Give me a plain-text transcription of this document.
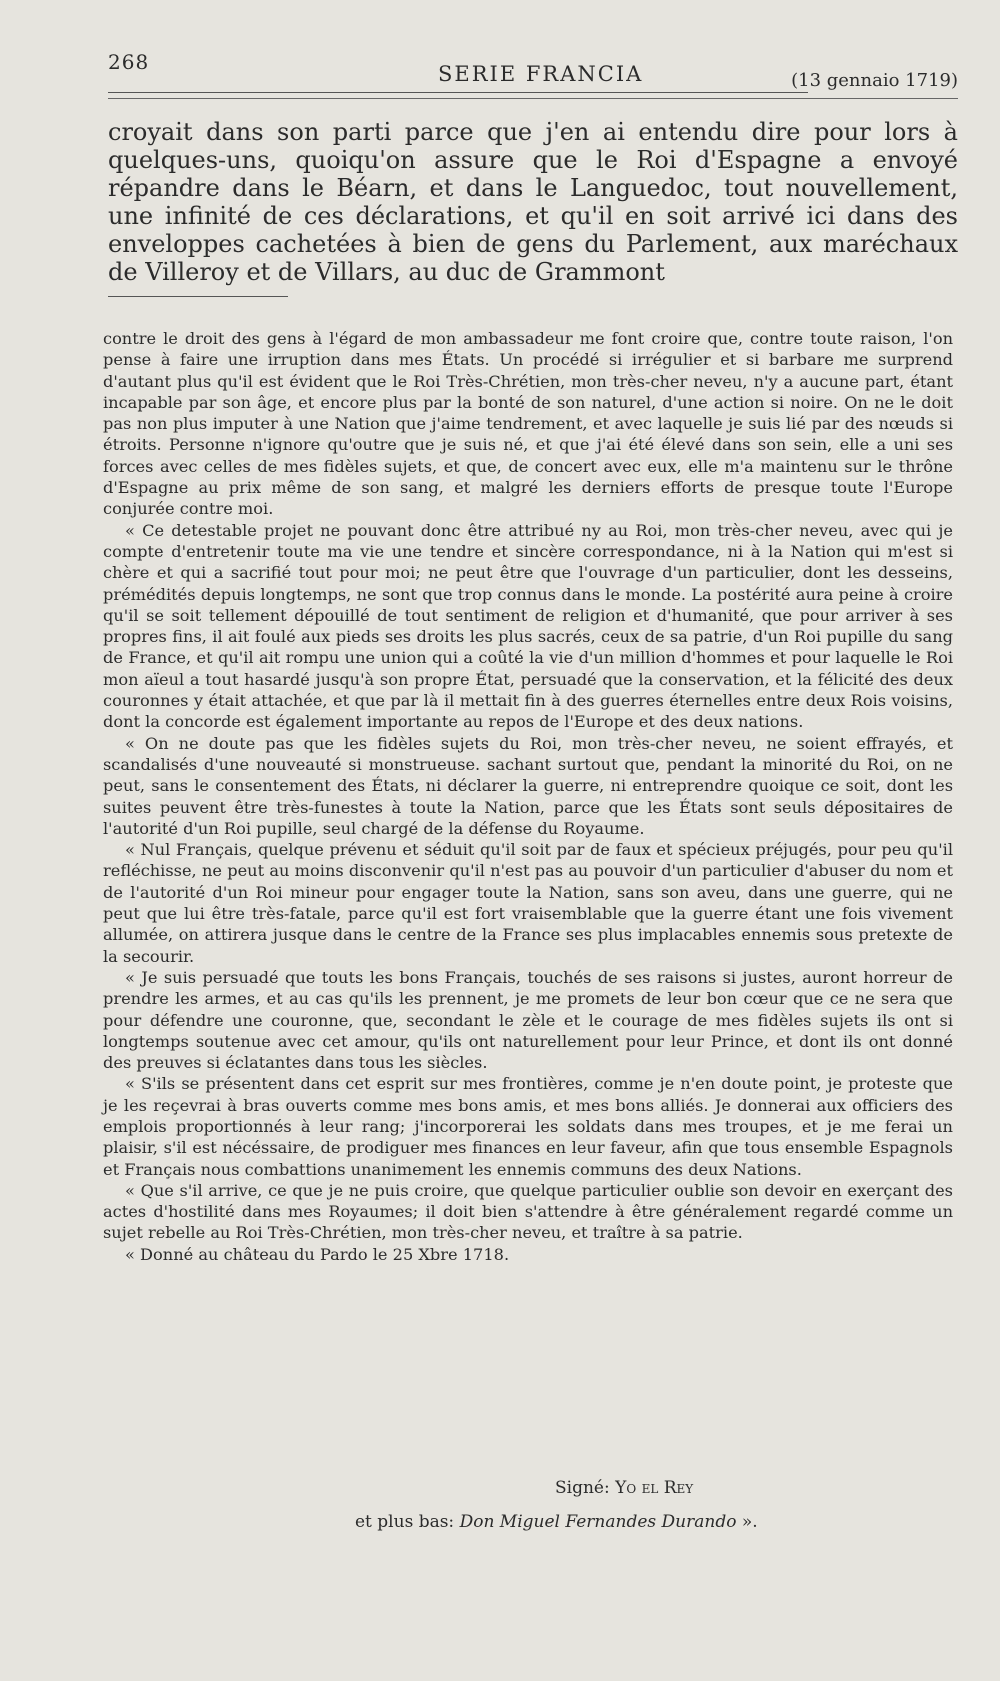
268	SERIE FRANCIA	(13 gennaio 1719)

croyait dans son parti parce que j'en ai entendu dire pour lors à quelques-uns, quoiqu'on assure que le Roi d'Espagne a envoyé répandre dans le Béarn, et dans le Languedoc, tout nouvellement, une infinité de ces déclarations, et qu'il en soit arrivé ici dans des enveloppes cachetées à bien de gens du Parlement, aux maréchaux de Villeroy et de Villars, au duc de Grammont

contre le droit des gens à l'égard de mon ambassadeur me font croire que, contre toute raison, l'on pense à faire une irruption dans mes États. Un procédé si irrégulier et si barbare me surprend d'autant plus qu'il est évident que le Roi Très-Chrétien, mon très-cher neveu, n'y a aucune part, étant incapable par son âge, et encore plus par la bonté de son naturel, d'une action si noire. On ne le doit pas non plus imputer à une Nation que j'aime tendrement, et avec laquelle je suis lié par des nœuds si étroits. Personne n'ignore qu'outre que je suis né, et que j'ai été élevé dans son sein, elle a uni ses forces avec celles de mes fidèles sujets, et que, de concert avec eux, elle m'a maintenu sur le thrône d'Espagne au prix même de son sang, et malgré les derniers efforts de presque toute l'Europe conjurée contre moi.

« Ce detestable projet ne pouvant donc être attribué ny au Roi, mon très-cher neveu, avec qui je compte d'entretenir toute ma vie une tendre et sincère correspondance, ni à la Nation qui m'est si chère et qui a sacrifié tout pour moi; ne peut être que l'ouvrage d'un particulier, dont les desseins, prémédités depuis longtemps, ne sont que trop connus dans le monde. La postérité aura peine à croire qu'il se soit tellement dépouillé de tout sentiment de religion et d'humanité, que pour arriver à ses propres fins, il ait foulé aux pieds ses droits les plus sacrés, ceux de sa patrie, d'un Roi pupille du sang de France, et qu'il ait rompu une union qui a coûté la vie d'un million d'hommes et pour laquelle le Roi mon aïeul a tout hasardé jusqu'à son propre État, persuadé que la conservation, et la félicité des deux couronnes y était attachée, et que par là il mettait fin à des guerres éternelles entre deux Rois voisins, dont la concorde est également importante au repos de l'Europe et des deux nations.

« On ne doute pas que les fidèles sujets du Roi, mon très-cher neveu, ne soient effrayés, et scandalisés d'une nouveauté si monstrueuse. sachant surtout que, pendant la minorité du Roi, on ne peut, sans le consentement des États, ni déclarer la guerre, ni entreprendre quoique ce soit, dont les suites peuvent être très-funestes à toute la Nation, parce que les États sont seuls dépositaires de l'autorité d'un Roi pupille, seul chargé de la défense du Royaume.

« Nul Français, quelque prévenu et séduit qu'il soit par de faux et spécieux préjugés, pour peu qu'il refléchisse, ne peut au moins disconvenir qu'il n'est pas au pouvoir d'un particulier d'abuser du nom et de l'autorité d'un Roi mineur pour engager toute la Nation, sans son aveu, dans une guerre, qui ne peut que lui être très-fatale, parce qu'il est fort vraisemblable que la guerre étant une fois vivement allumée, on attirera jusque dans le centre de la France ses plus implacables ennemis sous pretexte de la secourir.

« Je suis persuadé que touts les bons Français, touchés de ses raisons si justes, auront horreur de prendre les armes, et au cas qu'ils les prennent, je me promets de leur bon cœur que ce ne sera que pour défendre une couronne, que, secondant le zèle et le courage de mes fidèles sujets ils ont si longtemps soutenue avec cet amour, qu'ils ont naturellement pour leur Prince, et dont ils ont donné des preuves si éclatantes dans tous les siècles.

« S'ils se présentent dans cet esprit sur mes frontières, comme je n'en doute point, je proteste que je les reçevrai à bras ouverts comme mes bons amis, et mes bons alliés. Je donnerai aux officiers des emplois proportionnés à leur rang; j'incorporerai les soldats dans mes troupes, et je me ferai un plaisir, s'il est nécéssaire, de prodiguer mes finances en leur faveur, afin que tous ensemble Espagnols et Français nous combattions unanimement les ennemis communs des deux Nations.

« Que s'il arrive, ce que je ne puis croire, que quelque particulier oublie son devoir en exerçant des actes d'hostilité dans mes Royaumes; il doit bien s'attendre à être généralement regardé comme un sujet rebelle au Roi Très-Chrétien, mon très-cher neveu, et traître à sa patrie.

« Donné au château du Pardo le 25 Xbre 1718.

Signé: Yo el Rey
et plus bas: Don Miguel Fernandes Durando ».
